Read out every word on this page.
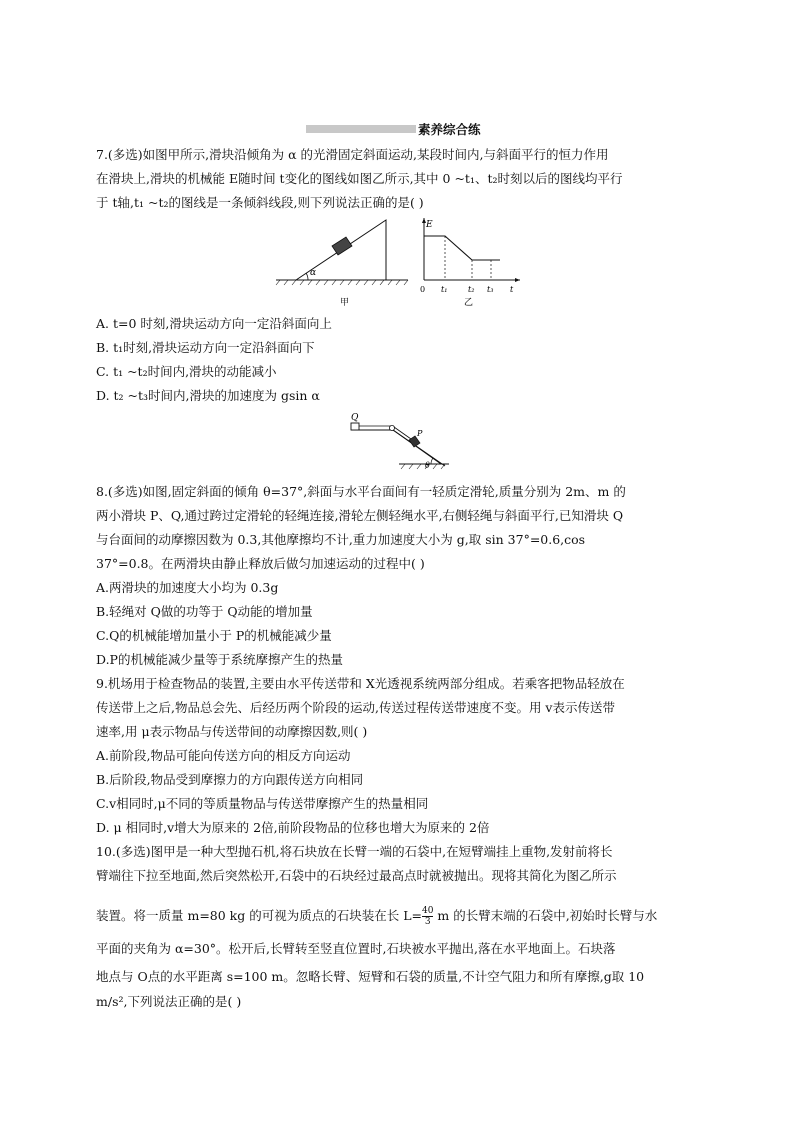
素养综合练
7.(多选)如图甲所示,滑块沿倾角为 α 的光滑固定斜面运动,某段时间内,与斜面平行的恒力作用
在滑块上,滑块的机械能 E随时间 t变化的图线如图乙所示,其中 0 ~t₁、t₂时刻以后的图线均平行
于 t轴,t₁ ~t₂的图线是一条倾斜线段,则下列说法正确的是( )
α
甲
E
0 t₁	t₂ t₃ t
乙
A. t=0 时刻,滑块运动方向一定沿斜面向上
B. t₁时刻,滑块运动方向一定沿斜面向下
C. t₁ ~t₂时间内,滑块的动能减小
D. t₂ ~t₃时间内,滑块的加速度为 gsin α
Q
P
θ
8.(多选)如图,固定斜面的倾角 θ=37°,斜面与水平台面间有一轻质定滑轮,质量分别为 2m、m 的
两小滑块 P、Q,通过跨过定滑轮的轻绳连接,滑轮左侧轻绳水平,右侧轻绳与斜面平行,已知滑块 Q
与台面间的动摩擦因数为 0.3,其他摩擦均不计,重力加速度大小为 g,取 sin 37°=0.6,cos
37°=0.8。在两滑块由静止释放后做匀加速运动的过程中( )
A.两滑块的加速度大小均为 0.3g
B.轻绳对 Q做的功等于 Q动能的增加量
C.Q的机械能增加量小于 P的机械能减少量
D.P的机械能减少量等于系统摩擦产生的热量
9.机场用于检查物品的装置,主要由水平传送带和 X光透视系统两部分组成。若乘客把物品轻放在
传送带上之后,物品总会先、后经历两个阶段的运动,传送过程传送带速度不变。用 v表示传送带
速率,用 μ表示物品与传送带间的动摩擦因数,则( )
A.前阶段,物品可能向传送方向的相反方向运动
B.后阶段,物品受到摩擦力的方向跟传送方向相同
C.v相同时,μ不同的等质量物品与传送带摩擦产生的热量相同
D. μ 相同时,v增大为原来的 2倍,前阶段物品的位移也增大为原来的 2倍
10.(多选)图甲是一种大型抛石机,将石块放在长臂一端的石袋中,在短臂端挂上重物,发射前将长
臂端往下拉至地面,然后突然松开,石袋中的石块经过最高点时就被抛出。现将其简化为图乙所示
装置。将一质量 m=80 kg 的可视为质点的石块装在长 $L= \frac{40}{3}$ m 的长臂末端的石袋中,初始时长臂与水
平面的夹角为 α=30°。松开后,长臂转至竖直位置时,石块被水平抛出,落在水平地面上。石块落
地点与 O点的水平距离 s=100 m。忽略长臂、短臂和石袋的质量,不计空气阻力和所有摩擦,g取 10
m/s²,下列说法正确的是( )
